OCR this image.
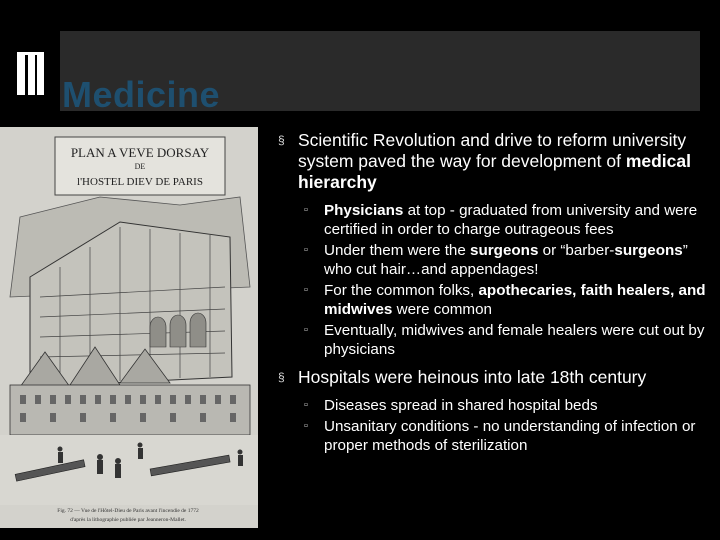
Medicine
PLAN A VEVE DORSAY
DE
l'HOSTEL DIEV DE PARIS
Fig. 72 — Vue de l'Hôtel-Dieu de Paris avant l'incendie de 1772
d'après la lithographie publiée par Jeanneron-Mallet.

§ Scientific Revolution and drive to reform university system paved the way for development of medical hierarchy

▫ Physicians at top - graduated from university and were certified in order to charge outrageous fees

▫ Under them were the surgeons or “barber-surgeons” who cut hair…and appendages!

▫ For the common folks, apothecaries, faith healers, and midwives were common

▫ Eventually, midwives and female healers were cut out by physicians

§ Hospitals were heinous into late 18th century

▫ Diseases spread in shared hospital beds

▫ Unsanitary conditions - no understanding of infection or proper methods of sterilization
